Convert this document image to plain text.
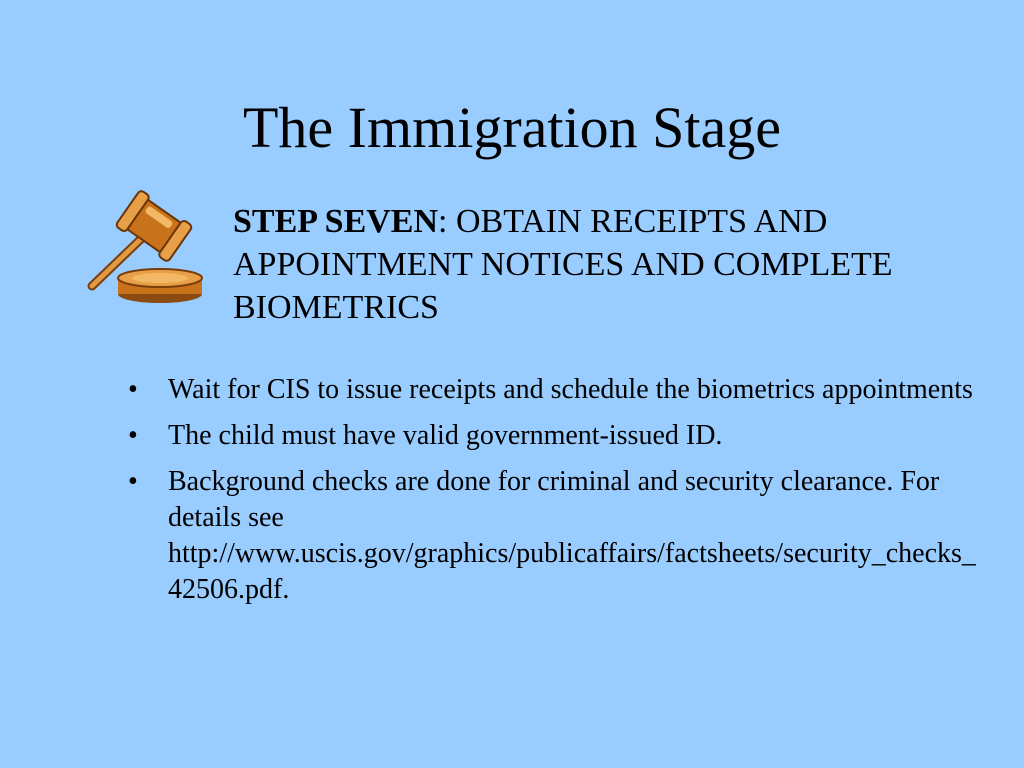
The Immigration Stage

STEP SEVEN: OBTAIN RECEIPTS AND APPOINTMENT NOTICES AND COMPLETE BIOMETRICS

• Wait for CIS to issue receipts and schedule the biometrics appointments
• The child must have valid government-issued ID.
• Background checks are done for criminal and security clearance. For details see http://www.uscis.gov/graphics/publicaffairs/factsheets/security_checks_42506.pdf.
